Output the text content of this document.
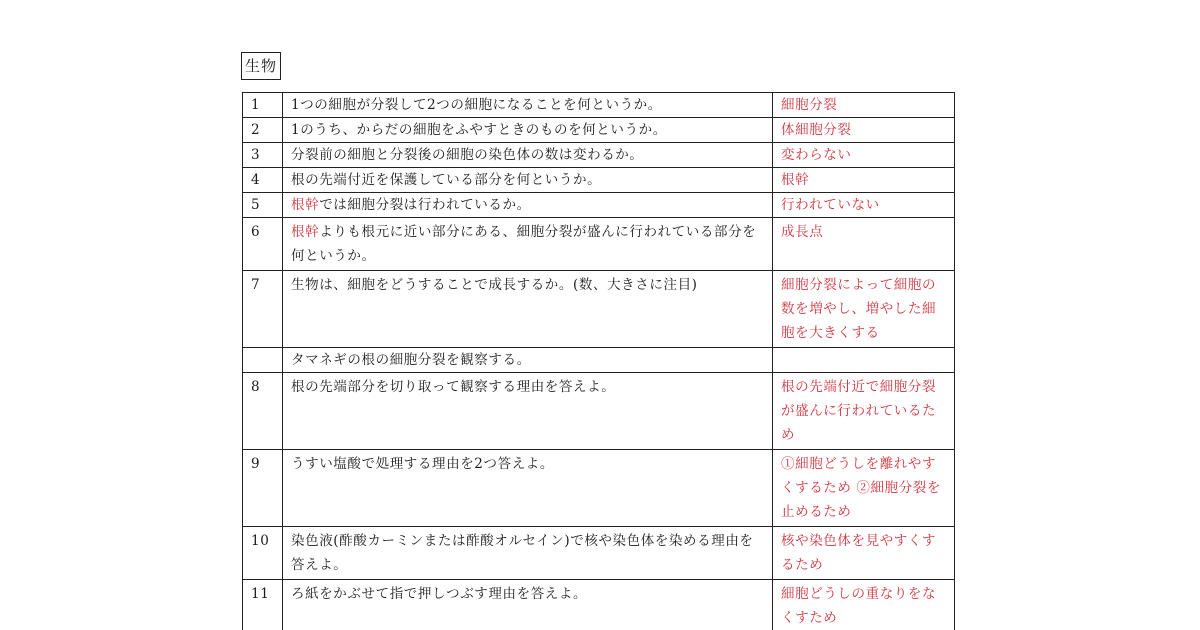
生物
1	1つの細胞が分裂して2つの細胞になることを何というか。	細胞分裂
2	1のうち、からだの細胞をふやすときのものを何というか。	体細胞分裂
3	分裂前の細胞と分裂後の細胞の染色体の数は変わるか。	変わらない
4	根の先端付近を保護している部分を何というか。	根幹
5	根幹では細胞分裂は行われているか。	行われていない
6	根幹よりも根元に近い部分にある、細胞分裂が盛んに行われている部分を何というか。	成長点
7	生物は、細胞をどうすることで成長するか。(数、大きさに注目)	細胞分裂によって細胞の数を増やし、増やした細胞を大きくする
	タマネギの根の細胞分裂を観察する。	
8	根の先端部分を切り取って観察する理由を答えよ。	根の先端付近で細胞分裂が盛んに行われているため
9	うすい塩酸で処理する理由を2つ答えよ。	①細胞どうしを離れやすくするため ②細胞分裂を止めるため
10	染色液(酢酸カーミンまたは酢酸オルセイン)で核や染色体を染める理由を答えよ。	核や染色体を見やすくするため
11	ろ紙をかぶせて指で押しつぶす理由を答えよ。	細胞どうしの重なりをなくすため
